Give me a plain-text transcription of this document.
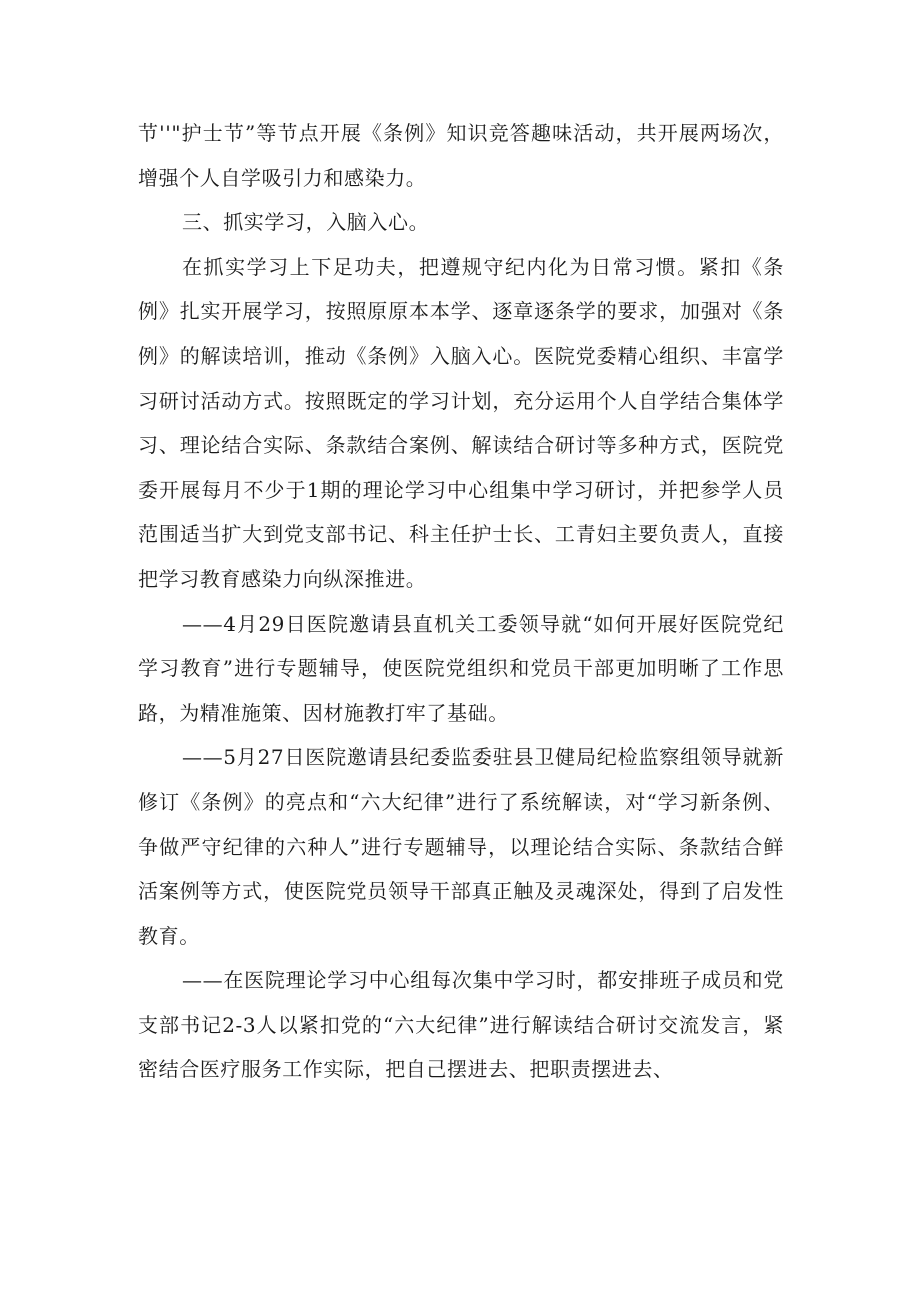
节''"护士节”等节点开展《条例》知识竞答趣味活动，共开展两场次，增强个人自学吸引力和感染力。

三、抓实学习，入脑入心。

在抓实学习上下足功夫，把遵规守纪内化为日常习惯。紧扣《条例》扎实开展学习，按照原原本本学、逐章逐条学的要求，加强对《条例》的解读培训，推动《条例》入脑入心。医院党委精心组织、丰富学习研讨活动方式。按照既定的学习计划，充分运用个人自学结合集体学习、理论结合实际、条款结合案例、解读结合研讨等多种方式，医院党委开展每月不少于1期的理论学习中心组集中学习研讨，并把参学人员范围适当扩大到党支部书记、科主任护士长、工青妇主要负责人，直接把学习教育感染力向纵深推进。

——4月29日医院邀请县直机关工委领导就“如何开展好医院党纪学习教育”进行专题辅导，使医院党组织和党员干部更加明晰了工作思路，为精准施策、因材施教打牢了基础。

——5月27日医院邀请县纪委监委驻县卫健局纪检监察组领导就新修订《条例》的亮点和“六大纪律”进行了系统解读，对“学习新条例、争做严守纪律的六种人”进行专题辅导，以理论结合实际、条款结合鲜活案例等方式，使医院党员领导干部真正触及灵魂深处，得到了启发性教育。

——在医院理论学习中心组每次集中学习时，都安排班子成员和党支部书记2-3人以紧扣党的“六大纪律”进行解读结合研讨交流发言，紧密结合医疗服务工作实际，把自己摆进去、把职责摆进去、
